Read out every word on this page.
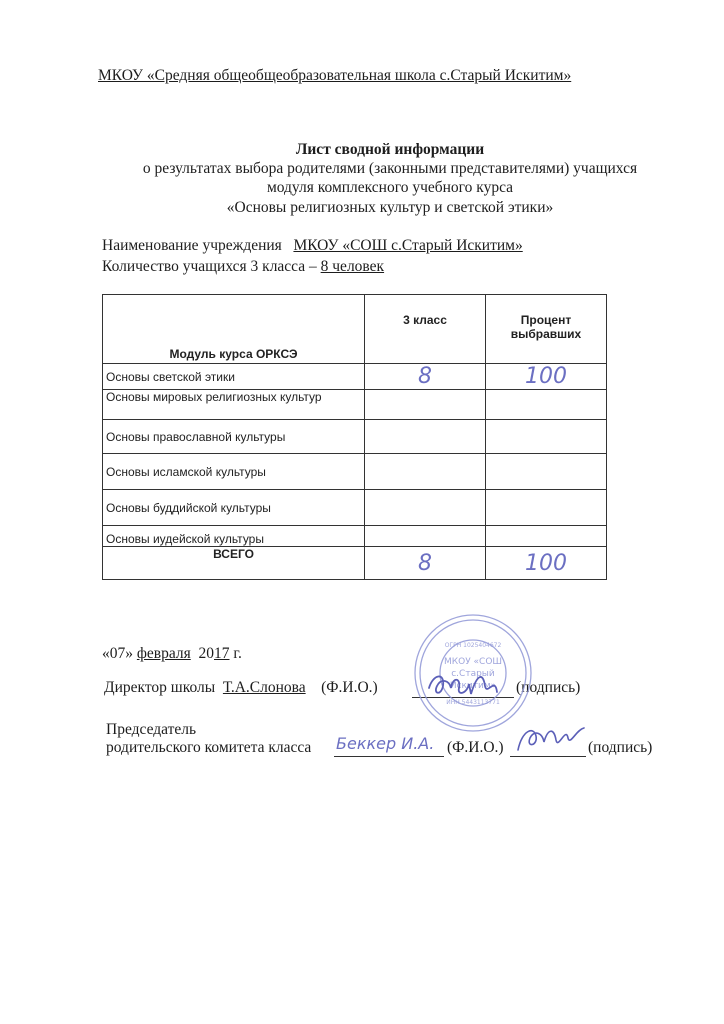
МКОУ «Средняя общеобщеобразовательная школа с.Старый Искитим»
Лист сводной информации
о результатах выбора родителями (законными представителями) учащихся
модуля комплексного учебного курса
«Основы религиозных культур и светской этики»
Наименование учреждения МКОУ «СОШ с.Старый Искитим»
Количество учащихся 3 класса – 8 человек
Модуль курса ОРКСЭ	3 класс	Процент
выбравших
Основы светской этики	8	100
Основы мировых религиозных культур		
Основы православной культуры		
Основы исламской культуры		
Основы буддийской культуры		
Основы иудейской культуры		
ВСЕГО	8	100
«07» февраля 2017 г.
Директор школы Т.А.Слонова (Ф.И.О.)	(подпись)
Председатель
родительского комитета класса Беккер И.А. (Ф.И.О.)	(подпись)
МКОУ «СОШ
с.Старый
Искитим»
ИНН 5443113771
ОГРН 1025404672
